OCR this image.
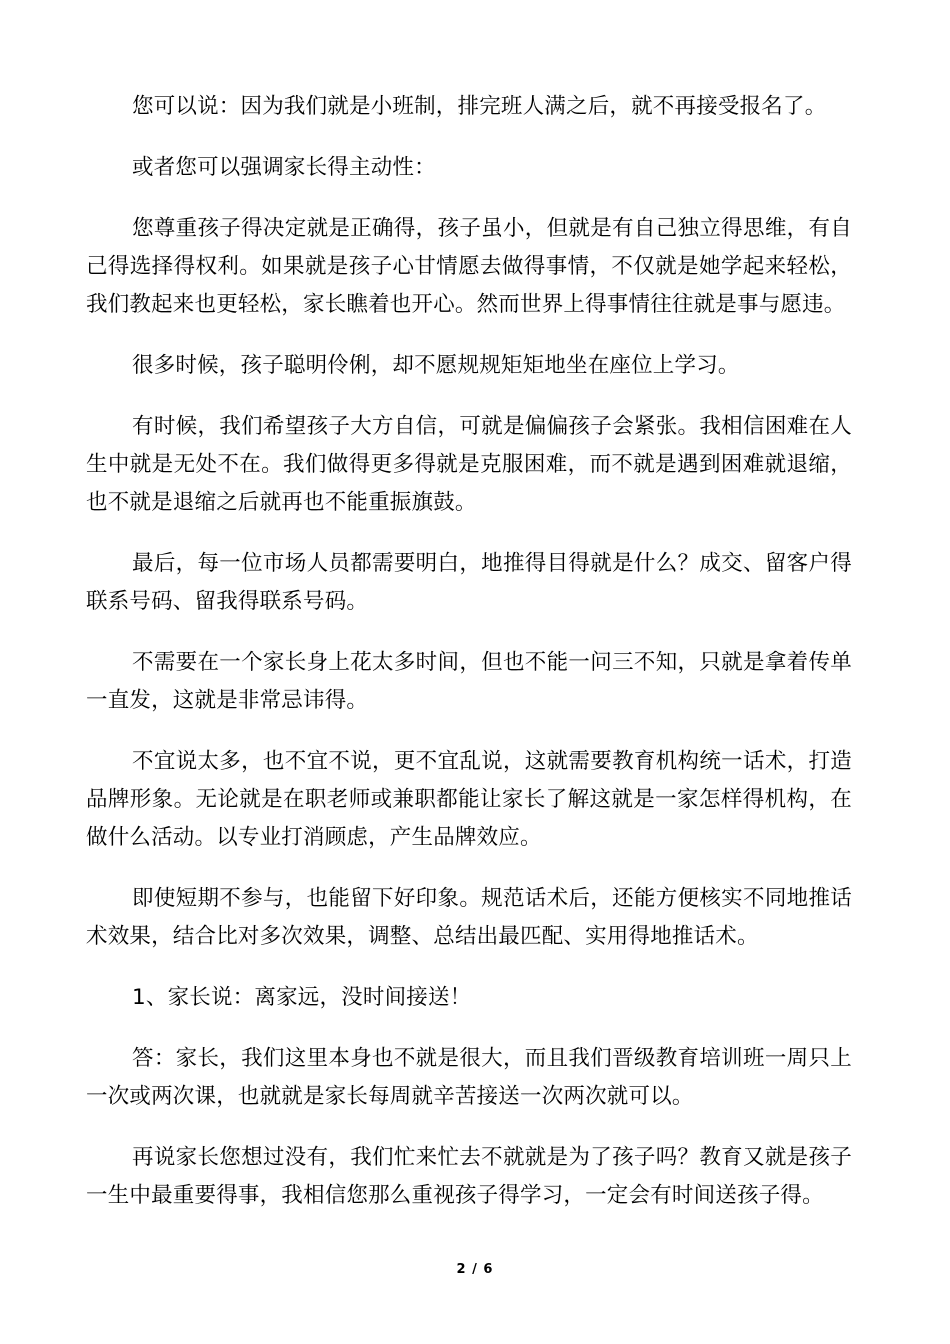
您可以说：因为我们就是小班制，排完班人满之后，就不再接受报名了。

或者您可以强调家长得主动性：

您尊重孩子得决定就是正确得，孩子虽小，但就是有自己独立得思维，有自己得选择得权利。如果就是孩子心甘情愿去做得事情，不仅就是她学起来轻松，我们教起来也更轻松，家长瞧着也开心。然而世界上得事情往往就是事与愿违。

很多时候，孩子聪明伶俐，却不愿规规矩矩地坐在座位上学习。

有时候，我们希望孩子大方自信，可就是偏偏孩子会紧张。我相信困难在人生中就是无处不在。我们做得更多得就是克服困难，而不就是遇到困难就退缩，也不就是退缩之后就再也不能重振旗鼓。

最后，每一位市场人员都需要明白，地推得目得就是什么？成交、留客户得联系号码、留我得联系号码。

不需要在一个家长身上花太多时间，但也不能一问三不知，只就是拿着传单一直发，这就是非常忌讳得。

不宜说太多，也不宜不说，更不宜乱说，这就需要教育机构统一话术，打造品牌形象。无论就是在职老师或兼职都能让家长了解这就是一家怎样得机构，在做什么活动。以专业打消顾虑，产生品牌效应。

即使短期不参与，也能留下好印象。规范话术后，还能方便核实不同地推话术效果，结合比对多次效果，调整、总结出最匹配、实用得地推话术。

1、家长说：离家远，没时间接送！

答：家长，我们这里本身也不就是很大，而且我们晋级教育培训班一周只上一次或两次课，也就就是家长每周就辛苦接送一次两次就可以。

再说家长您想过没有，我们忙来忙去不就就是为了孩子吗？教育又就是孩子一生中最重要得事，我相信您那么重视孩子得学习，一定会有时间送孩子得。

2 / 6
